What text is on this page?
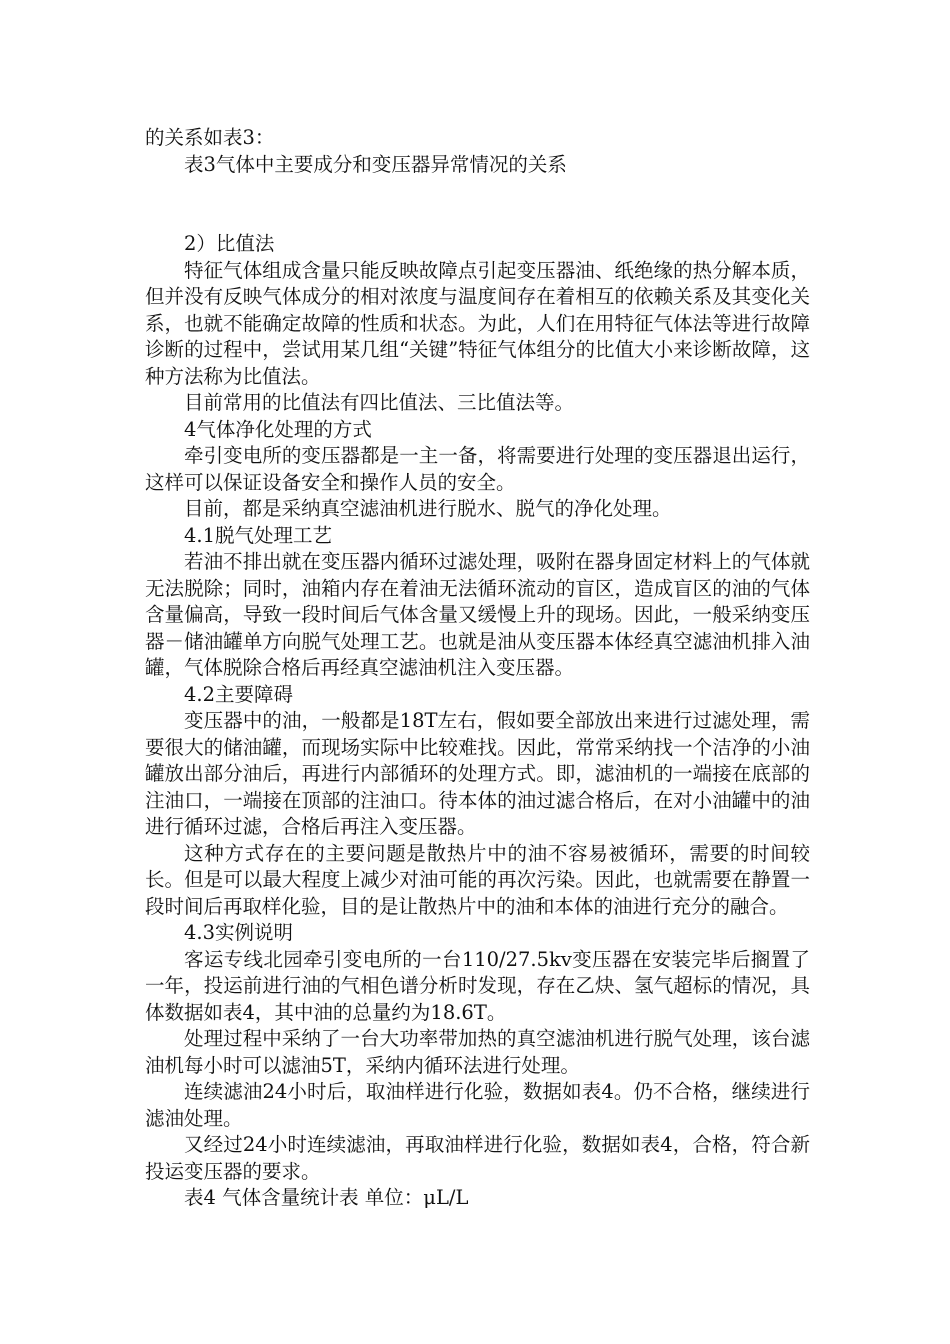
的关系如表3：

表3气体中主要成分和变压器异常情况的关系

2）比值法

特征气体组成含量只能反映故障点引起变压器油、纸绝缘的热分解本质，但并没有反映气体成分的相对浓度与温度间存在着相互的依赖关系及其变化关系，也就不能确定故障的性质和状态。为此，人们在用特征气体法等进行故障诊断的过程中，尝试用某几组“关键”特征气体组分的比值大小来诊断故障，这种方法称为比值法。

目前常用的比值法有四比值法、三比值法等。

4气体净化处理的方式

牵引变电所的变压器都是一主一备，将需要进行处理的变压器退出运行，这样可以保证设备安全和操作人员的安全。

目前，都是采纳真空滤油机进行脱水、脱气的净化处理。

4.1脱气处理工艺

若油不排出就在变压器内循环过滤处理，吸附在器身固定材料上的气体就无法脱除；同时，油箱内存在着油无法循环流动的盲区，造成盲区的油的气体含量偏高，导致一段时间后气体含量又缓慢上升的现场。因此，一般采纳变压器－储油罐单方向脱气处理工艺。也就是油从变压器本体经真空滤油机排入油罐，气体脱除合格后再经真空滤油机注入变压器。

4.2主要障碍

变压器中的油，一般都是18T左右，假如要全部放出来进行过滤处理，需要很大的储油罐，而现场实际中比较难找。因此，常常采纳找一个洁净的小油罐放出部分油后，再进行内部循环的处理方式。即，滤油机的一端接在底部的注油口，一端接在顶部的注油口。待本体的油过滤合格后，在对小油罐中的油进行循环过滤，合格后再注入变压器。

这种方式存在的主要问题是散热片中的油不容易被循环，需要的时间较长。但是可以最大程度上减少对油可能的再次污染。因此，也就需要在静置一段时间后再取样化验，目的是让散热片中的油和本体的油进行充分的融合。

4.3实例说明

客运专线北园牵引变电所的一台110/27.5kv变压器在安装完毕后搁置了一年，投运前进行油的气相色谱分析时发现，存在乙炔、氢气超标的情况，具体数据如表4，其中油的总量约为18.6T。

处理过程中采纳了一台大功率带加热的真空滤油机进行脱气处理，该台滤油机每小时可以滤油5T，采纳内循环法进行处理。

连续滤油24小时后，取油样进行化验，数据如表4。仍不合格，继续进行滤油处理。

又经过24小时连续滤油，再取油样进行化验，数据如表4，合格，符合新投运变压器的要求。

表4 气体含量统计表 单位：μL/L
